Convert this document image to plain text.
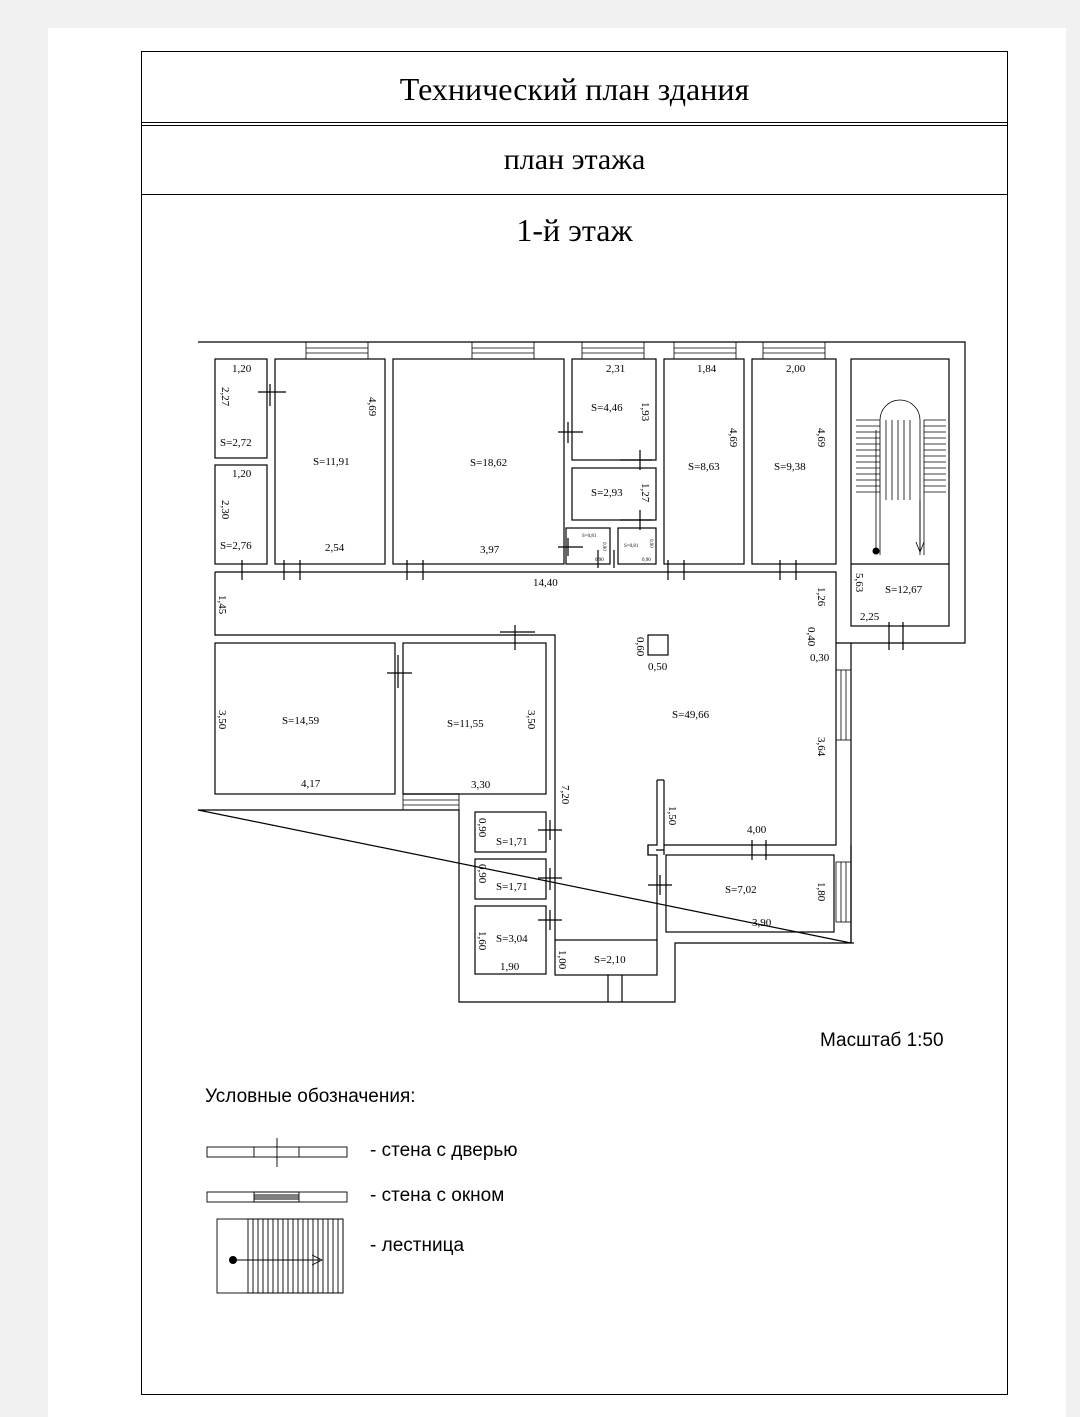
Технический план здания
план этажа
1-й этаж
S=2,72
1,20
2,27
S=2,76
1,20
2,30
S=11,91
4,69
2,54
S=18,62
3,97
S=4,46
2,31
1,93
S=2,93 1,27
S=0,81
0,90
0,90	S=0,81
0,90
0,90
S=8,63
1,84
4,69
S=9,38
2,00
4,69
S=12,67
5,63
2,25
S=49,66
14,40
1,45	1,26
0,40
0,30
3,64
0,60
0,50
7,20
1,50
S=14,59
3,50
4,17
S=11,55	3,50
3,30
S=1,71
0,90
S=1,71
0,90
S=3,04
1,60
1,90
S=2,10
1,00
S=7,02
4,00
1,80
3,90
Масштаб 1:50
Условные обозначения:
- стена с дверью
- стена с окном
- лестница
